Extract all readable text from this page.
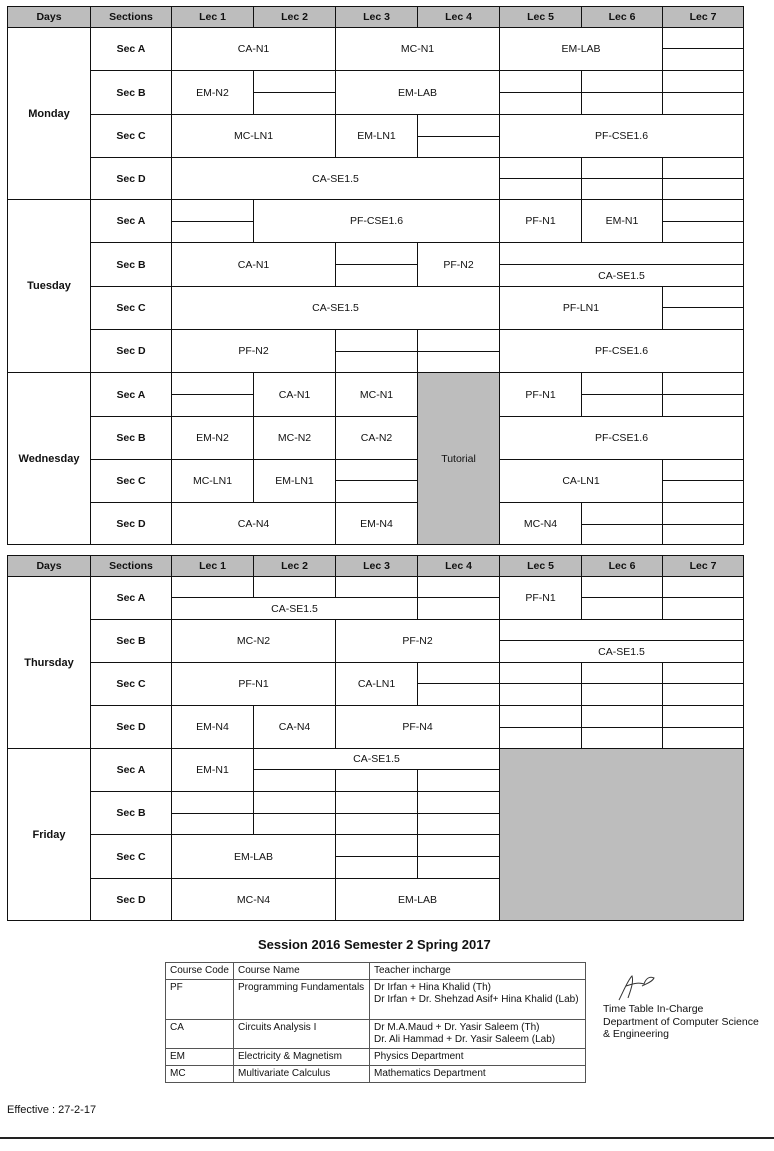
Days	Sections	Lec 1	Lec 2	Lec 3	Lec 4	Lec 5	Lec 6	Lec 7
Monday	Sec A	CA-N1		MC-N1		EM-LAB		

	Sec B	EM-N2		EM-LAB				

	Sec C	MC-LN1		EM-LN1		PF-CSE1.6		

	Sec D	CA-SE1.5						

Tuesday	Sec A		PF-CSE1.6			PF-N1	EM-N1	

	Sec B	CA-N1			PF-N2			
						CA-SE1.5		
	Sec C	CA-SE1.5				PF-LN1		

	Sec D	PF-N2				PF-CSE1.6		

Wednesday	Sec A		CA-N1	MC-N1	Tutorial	PF-N1		

	Sec B	EM-N2	MC-N2	CA-N2		PF-CSE1.6		

	Sec C	MC-LN1	EM-LN1			CA-LN1		

	Sec D	CA-N4		EM-N4		MC-N4		

Days	Sections	Lec 1	Lec 2	Lec 3	Lec 4	Lec 5	Lec 6	Lec 7
Thursday	Sec A					PF-N1		
		CA-SE1.5						
	Sec B	MC-N2		PF-N2				
						CA-SE1.5		
	Sec C	PF-N1		CA-LN1				

	Sec D	EM-N4	CA-N4	PF-N4				

Friday	Sec A	EM-N1	CA-SE1.5					

	Sec B							

	Sec C	EM-LAB						

	Sec D	MC-N4		EM-LAB				

Session 2016 Semester 2 Spring 2017
Course Code	Course Name	Teacher incharge
PF	Programming Fundamentals	Dr Irfan + Hina Khalid (Th)
Dr Irfan + Dr. Shehzad Asif+ Hina Khalid (Lab)

CA	Circuits Analysis I	Dr M.A.Maud + Dr. Yasir Saleem (Th)
Dr. Ali Hammad + Dr. Yasir Saleem (Lab)

EM	Electricity & Magnetism	Physics Department
MC	Multivariate Calculus	Mathematics Department
Time Table In-Charge
Department of Computer Science
& Engineering
Effective : 27-2-17
